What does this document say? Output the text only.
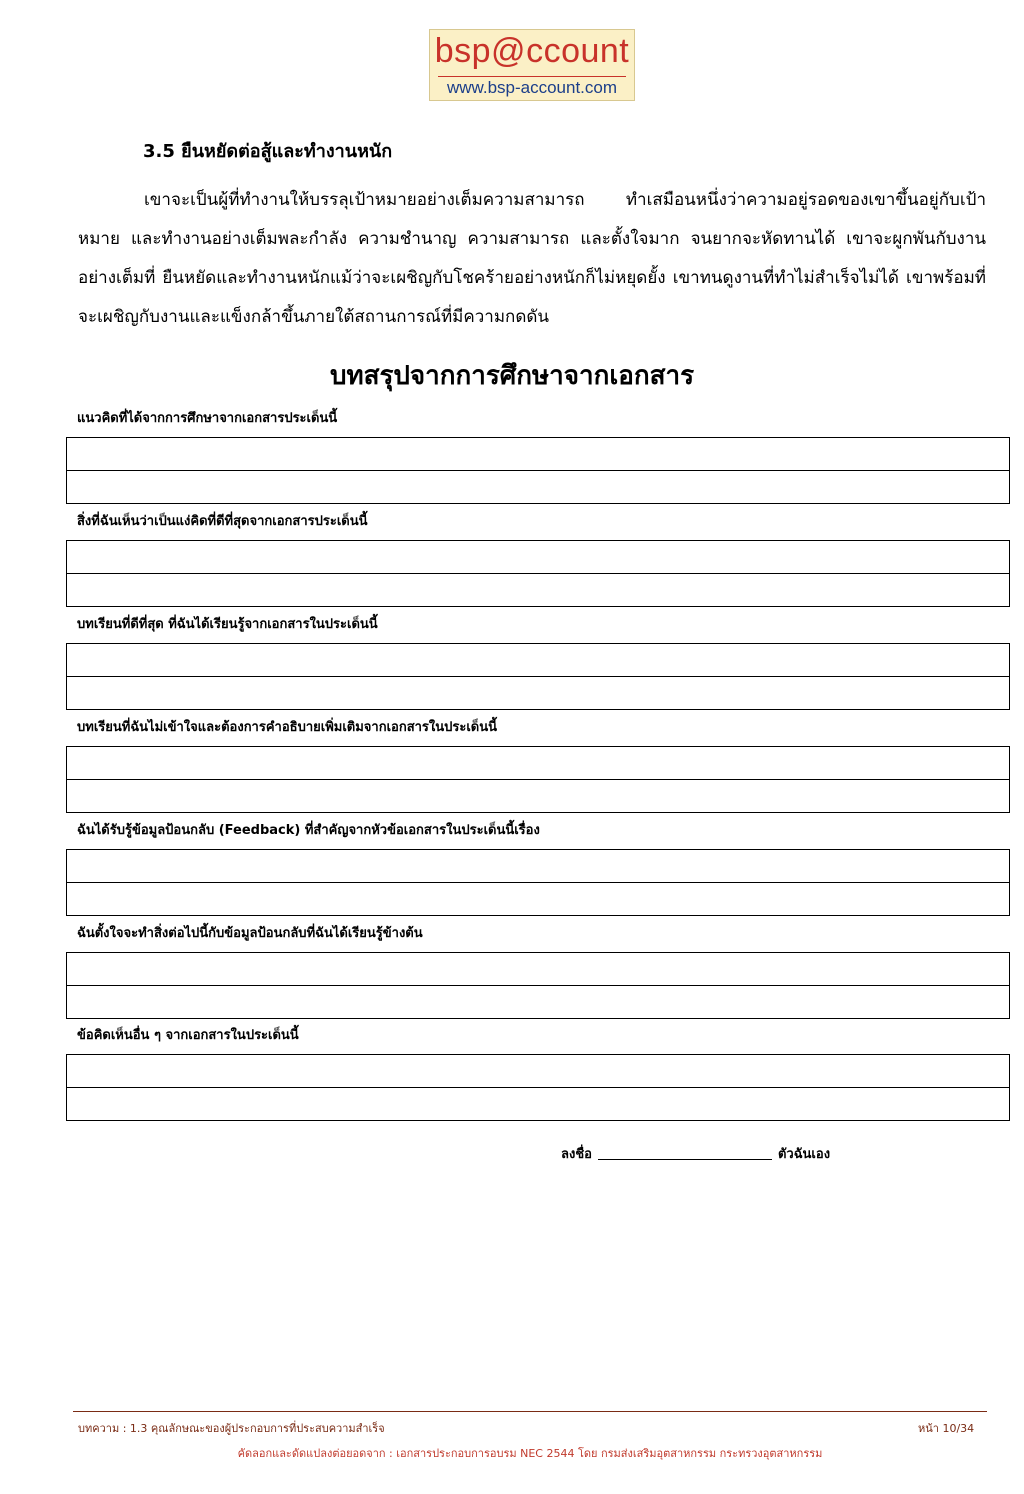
bsp@ccount
www.bsp-account.com
3.5 ยืนหยัดต่อสู้และทำงานหนัก
เขาจะเป็นผู้ที่ทำงานให้บรรลุเป้าหมายอย่างเต็มความสามารถ ทำเสมือนหนึ่งว่าความอยู่รอดของเขาขึ้นอยู่กับเป้าหมาย และทำงานอย่างเต็มพละกำลัง ความชำนาญ ความสามารถ และตั้งใจมาก จนยากจะหัดทานได้ เขาจะผูกพันกับงานอย่างเต็มที่ ยืนหยัดและทำงานหนักแม้ว่าจะเผชิญกับโชคร้ายอย่างหนักก็ไม่หยุดยั้ง เขาทนดูงานที่ทำไม่สำเร็จไม่ได้ เขาพร้อมที่จะเผชิญกับงานและแข็งกล้าขึ้นภายใต้สถานการณ์ที่มีความกดดัน
บทสรุปจากการศึกษาจากเอกสาร
แนวคิดที่ได้จากการศึกษาจากเอกสารประเด็นนี้
สิ่งที่ฉันเห็นว่าเป็นแง่คิดที่ดีที่สุดจากเอกสารประเด็นนี้
บทเรียนที่ดีที่สุด ที่ฉันได้เรียนรู้จากเอกสารในประเด็นนี้
บทเรียนที่ฉันไม่เข้าใจและต้องการคำอธิบายเพิ่มเติมจากเอกสารในประเด็นนี้
ฉันได้รับรู้ข้อมูลป้อนกลับ (Feedback) ที่สำคัญจากหัวข้อเอกสารในประเด็นนี้เรื่อง
ฉันตั้งใจจะทำสิ่งต่อไปนี้กับข้อมูลป้อนกลับที่ฉันได้เรียนรู้ข้างต้น
ข้อคิดเห็นอื่น ๆ จากเอกสารในประเด็นนี้
ลงชื่อ	ตัวฉันเอง
บทความ : 1.3 คุณลักษณะของผู้ประกอบการที่ประสบความสำเร็จ	หน้า 10/34
คัดลอกและดัดแปลงต่อยอดจาก : เอกสารประกอบการอบรม NEC 2544 โดย กรมส่งเสริมอุตสาหกรรม กระทรวงอุตสาหกรรม
